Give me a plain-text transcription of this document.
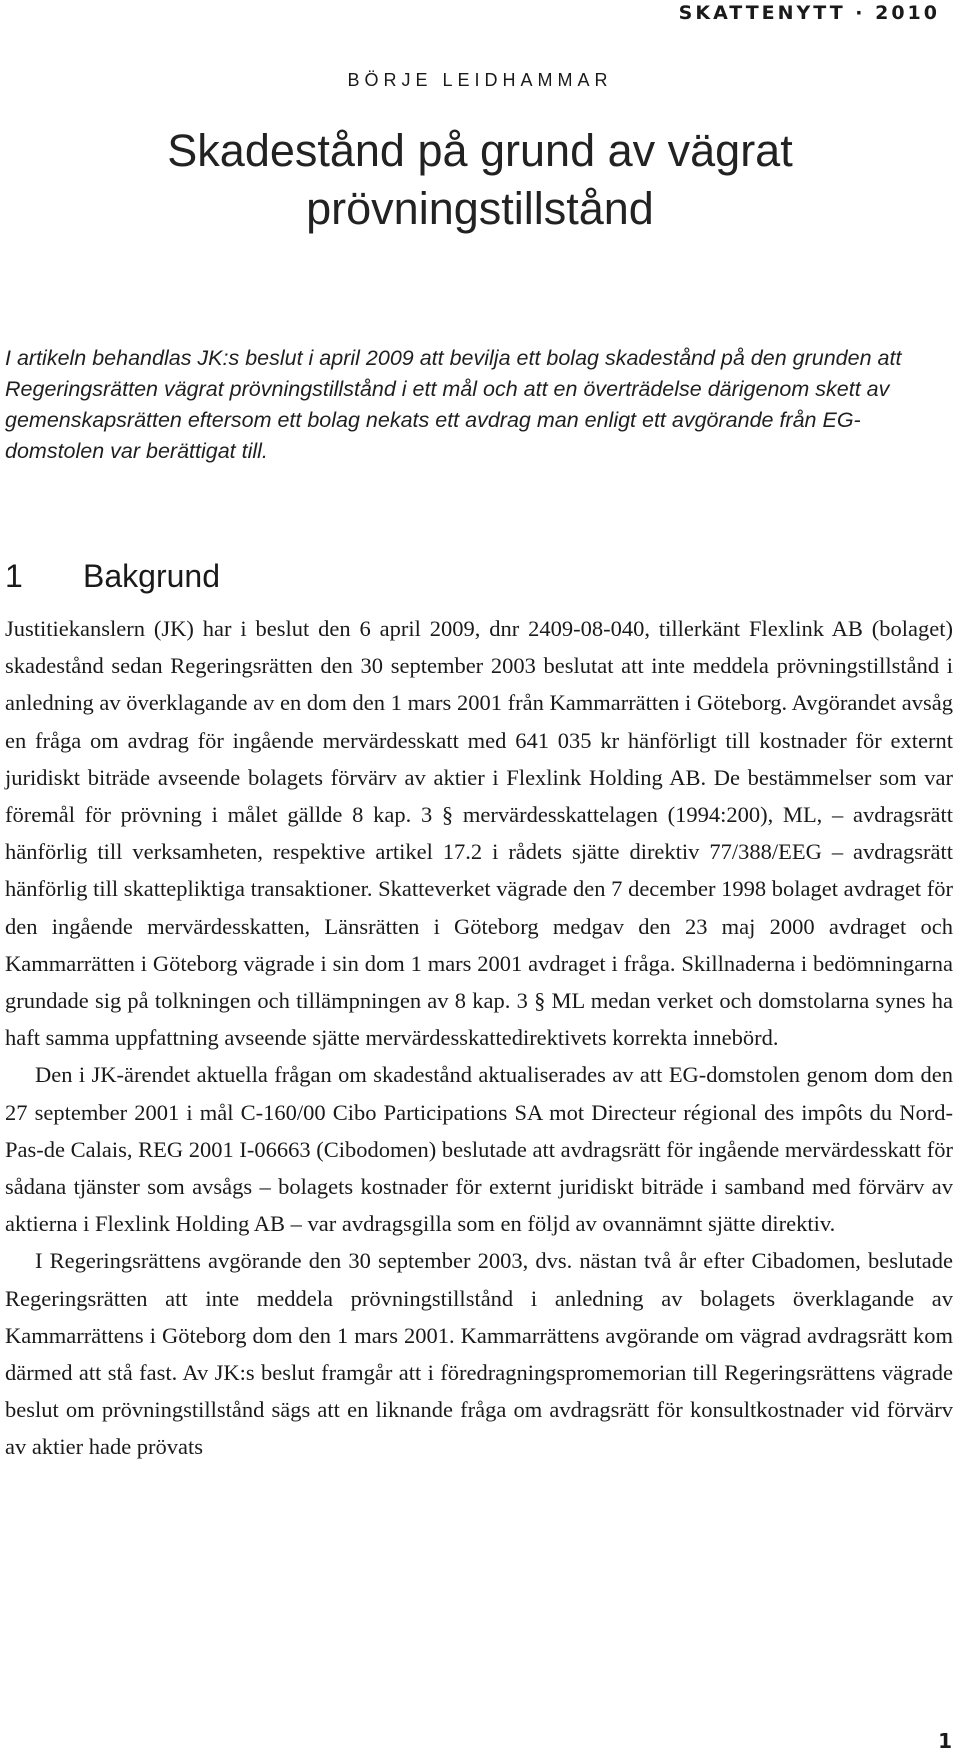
SKATTENYTT · 2010
BÖRJE LEIDHAMMAR
Skadestånd på grund av vägrat
prövningstillstånd

I artikeln behandlas JK:s beslut i april 2009 att bevilja ett bolag skadestånd på den grunden att Regeringsrätten vägrat prövningstillstånd i ett mål och att en överträdelse därigenom skett av gemenskapsrätten eftersom ett bolag nekats ett avdrag man enligt ett avgörande från EG-domstolen var berättigat till.

1 Bakgrund

Justitiekanslern (JK) har i beslut den 6 april 2009, dnr 2409-08-040, tillerkänt Flexlink AB (bolaget) skadestånd sedan Regeringsrätten den 30 september 2003 beslutat att inte meddela prövningstillstånd i anledning av överklagande av en dom den 1 mars 2001 från Kammarrätten i Göteborg. Avgörandet avsåg en fråga om avdrag för ingående mervärdesskatt med 641 035 kr hänförligt till kostnader för externt juridiskt biträde avseende bolagets förvärv av aktier i Flexlink Holding AB. De bestämmelser som var föremål för prövning i målet gällde 8 kap. 3 § mervärdesskattelagen (1994:200), ML, – avdragsrätt hänförlig till verksamheten, respektive artikel 17.2 i rådets sjätte direktiv 77/388/EEG – avdragsrätt hänförlig till skattepliktiga transaktioner. Skatteverket vägrade den 7 december 1998 bolaget avdraget för den ingående mervärdesskatten, Länsrätten i Göteborg medgav den 23 maj 2000 avdraget och Kammarrätten i Göteborg vägrade i sin dom 1 mars 2001 avdraget i fråga. Skillnaderna i bedömningarna grundade sig på tolkningen och tillämpningen av 8 kap. 3 § ML medan verket och domstolarna synes ha haft samma uppfattning avseende sjätte mervärdesskattedirektivets korrekta innebörd.

Den i JK-ärendet aktuella frågan om skadestånd aktualiserades av att EG-domstolen genom dom den 27 september 2001 i mål C-160/00 Cibo Participations SA mot Directeur régional des impôts du Nord-Pas-de Calais, REG 2001 I-06663 (Cibodomen) beslutade att avdragsrätt för ingående mervärdesskatt för sådana tjänster som avsågs – bolagets kostnader för externt juridiskt biträde i samband med förvärv av aktierna i Flexlink Holding AB – var avdragsgilla som en följd av ovannämnt sjätte direktiv.

I Regeringsrättens avgörande den 30 september 2003, dvs. nästan två år efter Cibadomen, beslutade Regeringsrätten att inte meddela prövningstillstånd i anledning av bolagets överklagande av Kammarrättens i Göteborg dom den 1 mars 2001. Kammarrättens avgörande om vägrad avdragsrätt kom därmed att stå fast. Av JK:s beslut framgår att i föredragningspromemorian till Regeringsrättens vägrade beslut om prövningstillstånd sägs att en liknande fråga om avdragsrätt för konsultkostnader vid förvärv av aktier hade prövats

1
